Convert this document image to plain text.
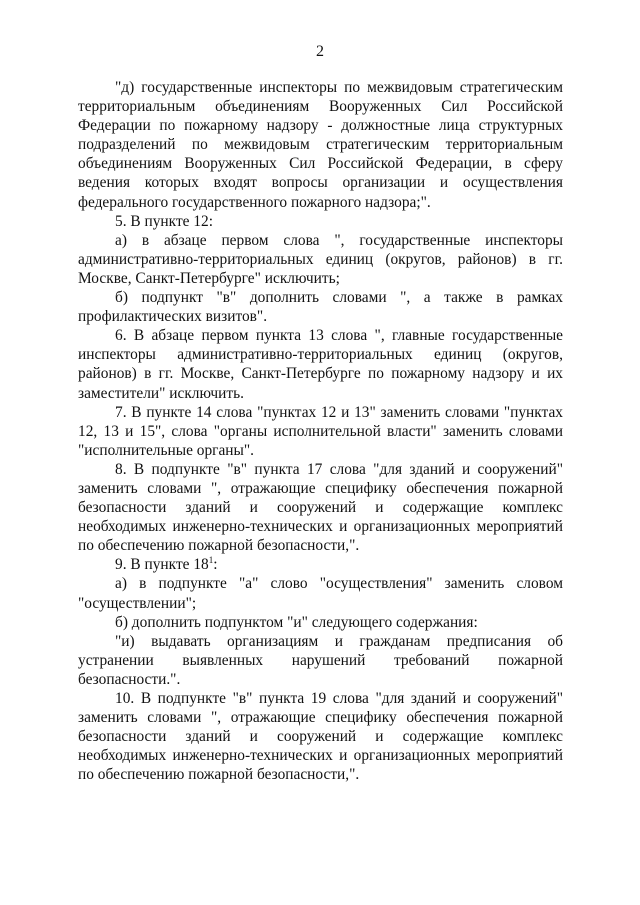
2

"д) государственные инспекторы по межвидовым стратегическим территориальным объединениям Вооруженных Сил Российской Федерации по пожарному надзору - должностные лица структурных подразделений по межвидовым стратегическим территориальным объединениям Вооруженных Сил Российской Федерации, в сферу ведения которых входят вопросы организации и осуществления федерального государственного пожарного надзора;".

5. В пункте 12:

а) в абзаце первом слова ", государственные инспекторы административно-территориальных единиц (округов, районов) в гг. Москве, Санкт-Петербурге" исключить;

б) подпункт "в" дополнить словами ", а также в рамках профилактических визитов".

6. В абзаце первом пункта 13 слова ", главные государственные инспекторы административно-территориальных единиц (округов, районов) в гг. Москве, Санкт-Петербурге по пожарному надзору и их заместители" исключить.

7. В пункте 14 слова "пунктах 12 и 13" заменить словами "пунктах 12, 13 и 15", слова "органы исполнительной власти" заменить словами "исполнительные органы".

8. В подпункте "в" пункта 17 слова "для зданий и сооружений" заменить словами ", отражающие специфику обеспечения пожарной безопасности зданий и сооружений и содержащие комплекс необходимых инженерно-технических и организационных мероприятий по обеспечению пожарной безопасности,".

9. В пункте $18^1$:

а) в подпункте "а" слово "осуществления" заменить словом "осуществлении";

б) дополнить подпунктом "и" следующего содержания:

"и) выдавать организациям и гражданам предписания об устранении выявленных нарушений требований пожарной безопасности.".

10. В подпункте "в" пункта 19 слова "для зданий и сооружений" заменить словами ", отражающие специфику обеспечения пожарной безопасности зданий и сооружений и содержащие комплекс необходимых инженерно-технических и организационных мероприятий по обеспечению пожарной безопасности,".
